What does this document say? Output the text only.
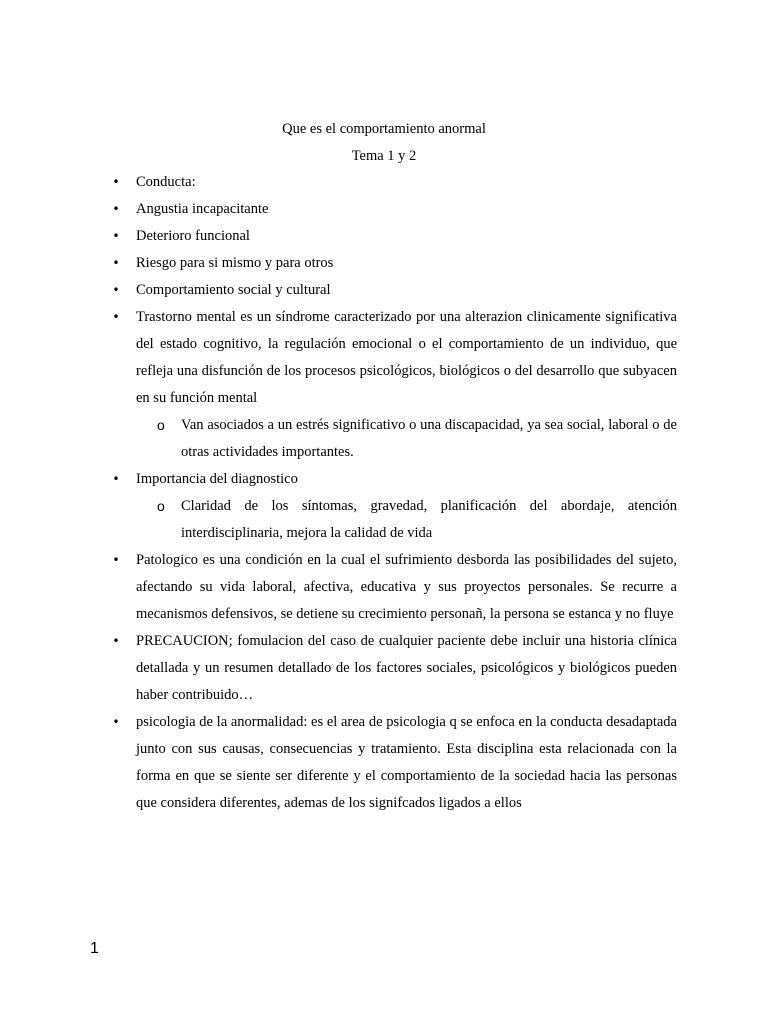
Que es el comportamiento anormal
Tema 1 y 2
• Conducta:
• Angustia incapacitante
• Deterioro funcional
• Riesgo para si mismo y para otros
• Comportamiento social y cultural
• Trastorno mental es un síndrome caracterizado por una alterazion clinicamente significativa del estado cognitivo, la regulación emocional o el comportamiento de un individuo, que refleja una disfunción de los procesos psicológicos, biológicos o del desarrollo que subyacen en su función mental
o Van asociados a un estrés significativo o una discapacidad, ya sea social, laboral o de otras actividades importantes.
• Importancia del diagnostico
o Claridad de los síntomas, gravedad, planificación del abordaje, atención interdisciplinaria, mejora la calidad de vida
• Patologico es una condición en la cual el sufrimiento desborda las posibilidades del sujeto, afectando su vida laboral, afectiva, educativa y sus proyectos personales. Se recurre a mecanismos defensivos, se detiene su crecimiento personañ, la persona se estanca y no fluye
• PRECAUCION; fomulacion del caso de cualquier paciente debe incluir una historia clínica detallada y un resumen detallado de los factores sociales, psicológicos y biológicos pueden haber contribuido…
• psicologia de la anormalidad: es el area de psicologia q se enfoca en la conducta desadaptada junto con sus causas, consecuencias y tratamiento. Esta disciplina esta relacionada con la forma en que se siente ser diferente y el comportamiento de la sociedad hacia las personas que considera diferentes, ademas de los signifcados ligados a ellos
1
